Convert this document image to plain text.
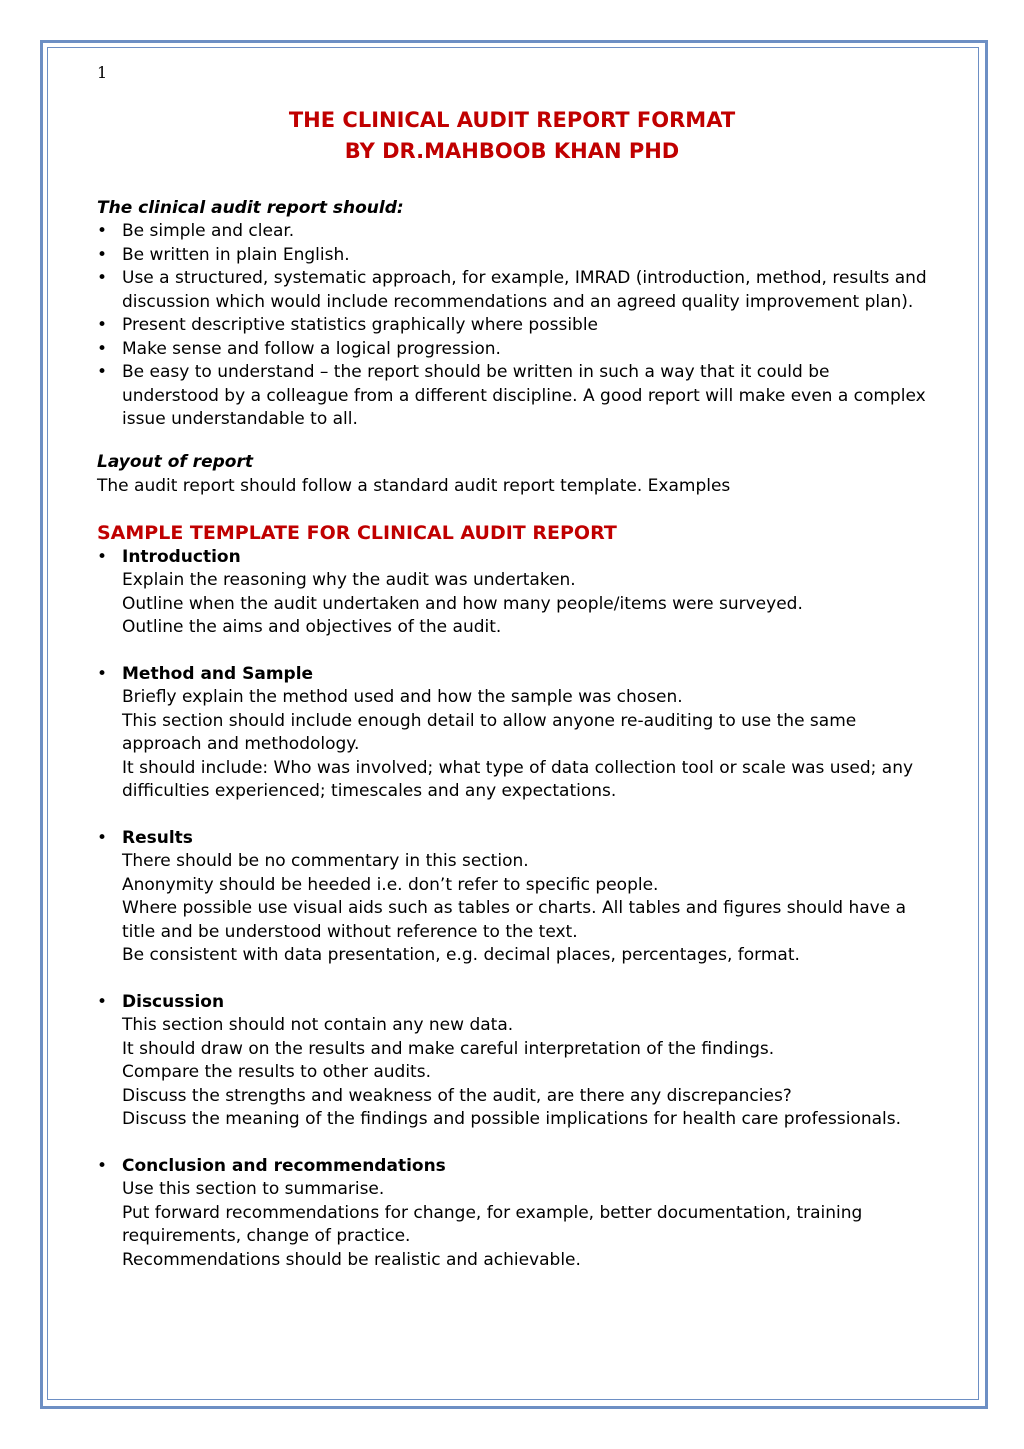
1
THE CLINICAL AUDIT REPORT FORMAT
BY DR.MAHBOOB KHAN PHD

The clinical audit report should:

• Be simple and clear.
• Be written in plain English.
• Use a structured, systematic approach, for example, IMRAD (introduction, method, results and discussion which would include recommendations and an agreed quality improvement plan).
• Present descriptive statistics graphically where possible
• Make sense and follow a logical progression.
• Be easy to understand – the report should be written in such a way that it could be understood by a colleague from a different discipline. A good report will make even a complex issue understandable to all.

Layout of report

The audit report should follow a standard audit report template. Examples

SAMPLE TEMPLATE FOR CLINICAL AUDIT REPORT

• Introduction
Explain the reasoning why the audit was undertaken.
Outline when the audit undertaken and how many people/items were surveyed.
Outline the aims and objectives of the audit.
• Method and Sample
Briefly explain the method used and how the sample was chosen.
This section should include enough detail to allow anyone re-auditing to use the same approach and methodology.
It should include: Who was involved; what type of data collection tool or scale was used; any difficulties experienced; timescales and any expectations.
• Results
There should be no commentary in this section.
Anonymity should be heeded i.e. don’t refer to specific people.
Where possible use visual aids such as tables or charts. All tables and figures should have a title and be understood without reference to the text.
Be consistent with data presentation, e.g. decimal places, percentages, format.
• Discussion
This section should not contain any new data.
It should draw on the results and make careful interpretation of the findings.
Compare the results to other audits.
Discuss the strengths and weakness of the audit, are there any discrepancies?
Discuss the meaning of the findings and possible implications for health care professionals.
• Conclusion and recommendations
Use this section to summarise.
Put forward recommendations for change, for example, better documentation, training requirements, change of practice.
Recommendations should be realistic and achievable.
